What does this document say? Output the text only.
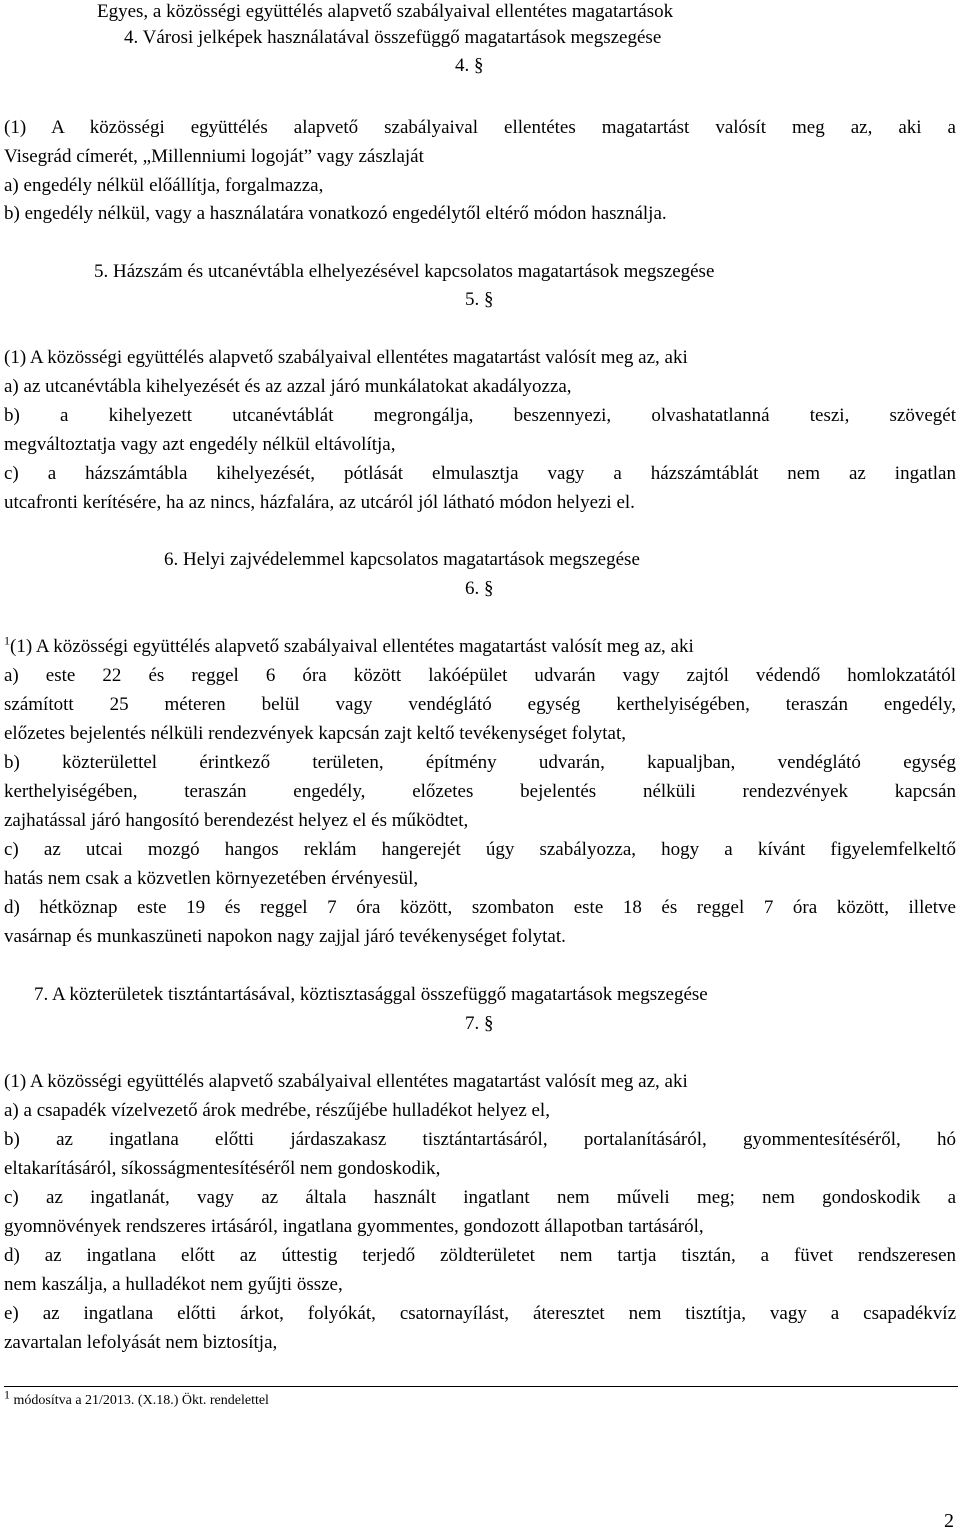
Egyes, a közösségi együttélés alapvető szabályaival ellentétes magatartások
4. Városi jelképek használatával összefüggő magatartások megszegése
4. §
(1) A közösségi együttélés alapvető szabályaival ellentétes magatartást valósít meg az, aki a
Visegrád címerét, „Millenniumi logoját” vagy zászlaját
a) engedély nélkül előállítja, forgalmazza,
b) engedély nélkül, vagy a használatára vonatkozó engedélytől eltérő módon használja.
5. Házszám és utcanévtábla elhelyezésével kapcsolatos magatartások megszegése
5. §
(1) A közösségi együttélés alapvető szabályaival ellentétes magatartást valósít meg az, aki
a) az utcanévtábla kihelyezését és az azzal járó munkálatokat akadályozza,
b) a kihelyezett utcanévtáblát megrongálja, beszennyezi, olvashatatlanná teszi, szövegét
megváltoztatja vagy azt engedély nélkül eltávolítja,
c) a házszámtábla kihelyezését, pótlását elmulasztja vagy a házszámtáblát nem az ingatlan
utcafronti kerítésére, ha az nincs, házfalára, az utcáról jól látható módon helyezi el.
6. Helyi zajvédelemmel kapcsolatos magatartások megszegése
6. §
$^1$(1) A közösségi együttélés alapvető szabályaival ellentétes magatartást valósít meg az, aki
a) este 22 és reggel 6 óra között lakóépület udvarán vagy zajtól védendő homlokzatától
számított 25 méteren belül vagy vendéglátó egység kerthelyiségében, teraszán engedély,
előzetes bejelentés nélküli rendezvények kapcsán zajt keltő tevékenységet folytat,
b) közterülettel érintkező területen, építmény udvarán, kapualjban, vendéglátó egység
kerthelyiségében, teraszán engedély, előzetes bejelentés nélküli rendezvények kapcsán
zajhatással járó hangosító berendezést helyez el és működtet,
c) az utcai mozgó hangos reklám hangerejét úgy szabályozza, hogy a kívánt figyelemfelkeltő
hatás nem csak a közvetlen környezetében érvényesül,
d) hétköznap este 19 és reggel 7 óra között, szombaton este 18 és reggel 7 óra között, illetve
vasárnap és munkaszüneti napokon nagy zajjal járó tevékenységet folytat.
7. A közterületek tisztántartásával, köztisztasággal összefüggő magatartások megszegése
7. §
(1) A közösségi együttélés alapvető szabályaival ellentétes magatartást valósít meg az, aki
a) a csapadék vízelvezető árok medrébe, részűjébe hulladékot helyez el,
b) az ingatlana előtti járdaszakasz tisztántartásáról, portalanításáról, gyommentesítéséről, hó
eltakarításáról, síkosságmentesítéséről nem gondoskodik,
c) az ingatlanát, vagy az általa használt ingatlant nem műveli meg; nem gondoskodik a
gyomnövények rendszeres irtásáról, ingatlana gyommentes, gondozott állapotban tartásáról,
d) az ingatlana előtt az úttestig terjedő zöldterületet nem tartja tisztán, a füvet rendszeresen
nem kaszálja, a hulladékot nem gyűjti össze,
e) az ingatlana előtti árkot, folyókát, csatornayílást, áteresztet nem tisztítja, vagy a csapadékvíz
zavartalan lefolyását nem biztosítja,
1 módosítva a 21/2013. (X.18.) Ökt. rendelettel
2
